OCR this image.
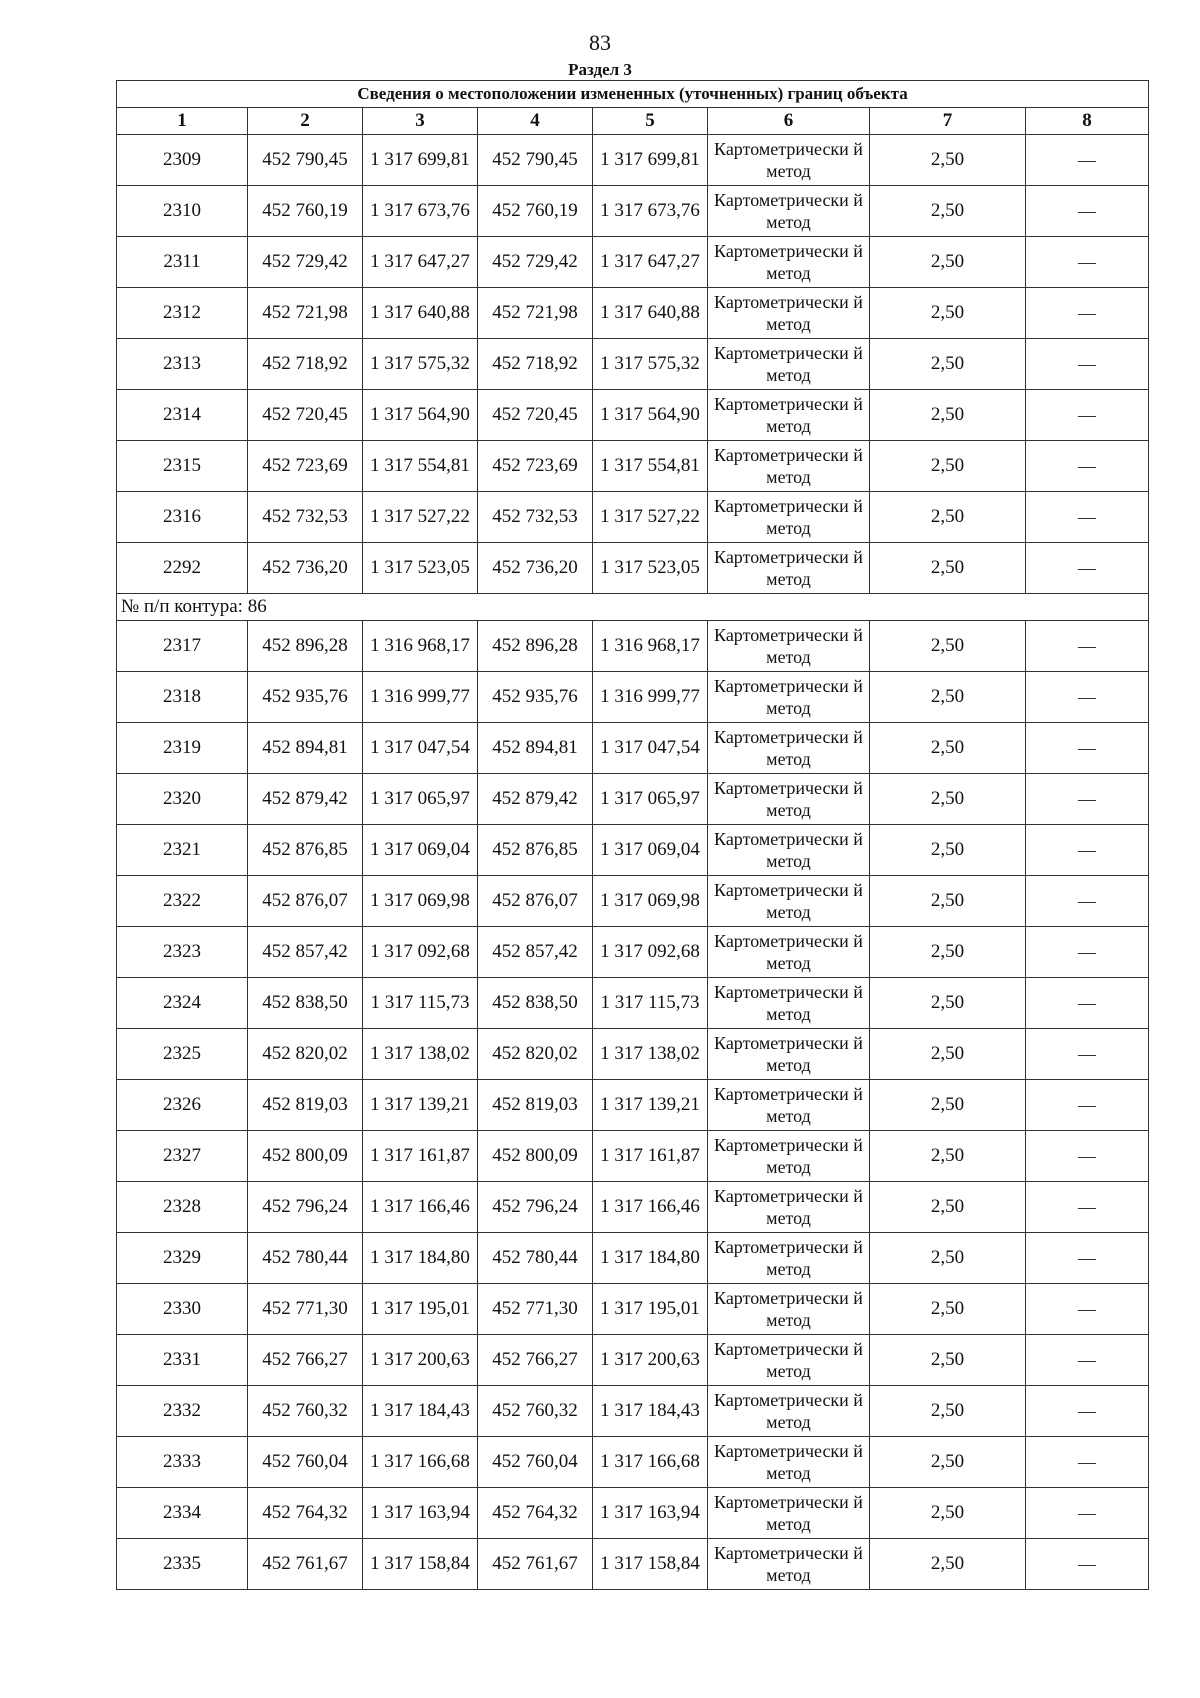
83
Раздел 3
Сведения о местоположении измененных (уточненных) границ объекта							
1	2	3	4	5	6	7	8
2309	452 790,45	1 317 699,81	452 790,45	1 317 699,81	Картометрически й метод	2,50	—
2310	452 760,19	1 317 673,76	452 760,19	1 317 673,76	Картометрически й метод	2,50	—
2311	452 729,42	1 317 647,27	452 729,42	1 317 647,27	Картометрически й метод	2,50	—
2312	452 721,98	1 317 640,88	452 721,98	1 317 640,88	Картометрически й метод	2,50	—
2313	452 718,92	1 317 575,32	452 718,92	1 317 575,32	Картометрически й метод	2,50	—
2314	452 720,45	1 317 564,90	452 720,45	1 317 564,90	Картометрически й метод	2,50	—
2315	452 723,69	1 317 554,81	452 723,69	1 317 554,81	Картометрически й метод	2,50	—
2316	452 732,53	1 317 527,22	452 732,53	1 317 527,22	Картометрически й метод	2,50	—
2292	452 736,20	1 317 523,05	452 736,20	1 317 523,05	Картометрически й метод	2,50	—
№ п/п контура: 86							
2317	452 896,28	1 316 968,17	452 896,28	1 316 968,17	Картометрически й метод	2,50	—
2318	452 935,76	1 316 999,77	452 935,76	1 316 999,77	Картометрически й метод	2,50	—
2319	452 894,81	1 317 047,54	452 894,81	1 317 047,54	Картометрически й метод	2,50	—
2320	452 879,42	1 317 065,97	452 879,42	1 317 065,97	Картометрически й метод	2,50	—
2321	452 876,85	1 317 069,04	452 876,85	1 317 069,04	Картометрически й метод	2,50	—
2322	452 876,07	1 317 069,98	452 876,07	1 317 069,98	Картометрически й метод	2,50	—
2323	452 857,42	1 317 092,68	452 857,42	1 317 092,68	Картометрически й метод	2,50	—
2324	452 838,50	1 317 115,73	452 838,50	1 317 115,73	Картометрически й метод	2,50	—
2325	452 820,02	1 317 138,02	452 820,02	1 317 138,02	Картометрически й метод	2,50	—
2326	452 819,03	1 317 139,21	452 819,03	1 317 139,21	Картометрически й метод	2,50	—
2327	452 800,09	1 317 161,87	452 800,09	1 317 161,87	Картометрически й метод	2,50	—
2328	452 796,24	1 317 166,46	452 796,24	1 317 166,46	Картометрически й метод	2,50	—
2329	452 780,44	1 317 184,80	452 780,44	1 317 184,80	Картометрически й метод	2,50	—
2330	452 771,30	1 317 195,01	452 771,30	1 317 195,01	Картометрически й метод	2,50	—
2331	452 766,27	1 317 200,63	452 766,27	1 317 200,63	Картометрически й метод	2,50	—
2332	452 760,32	1 317 184,43	452 760,32	1 317 184,43	Картометрически й метод	2,50	—
2333	452 760,04	1 317 166,68	452 760,04	1 317 166,68	Картометрически й метод	2,50	—
2334	452 764,32	1 317 163,94	452 764,32	1 317 163,94	Картометрически й метод	2,50	—
2335	452 761,67	1 317 158,84	452 761,67	1 317 158,84	Картометрически й метод	2,50	—
